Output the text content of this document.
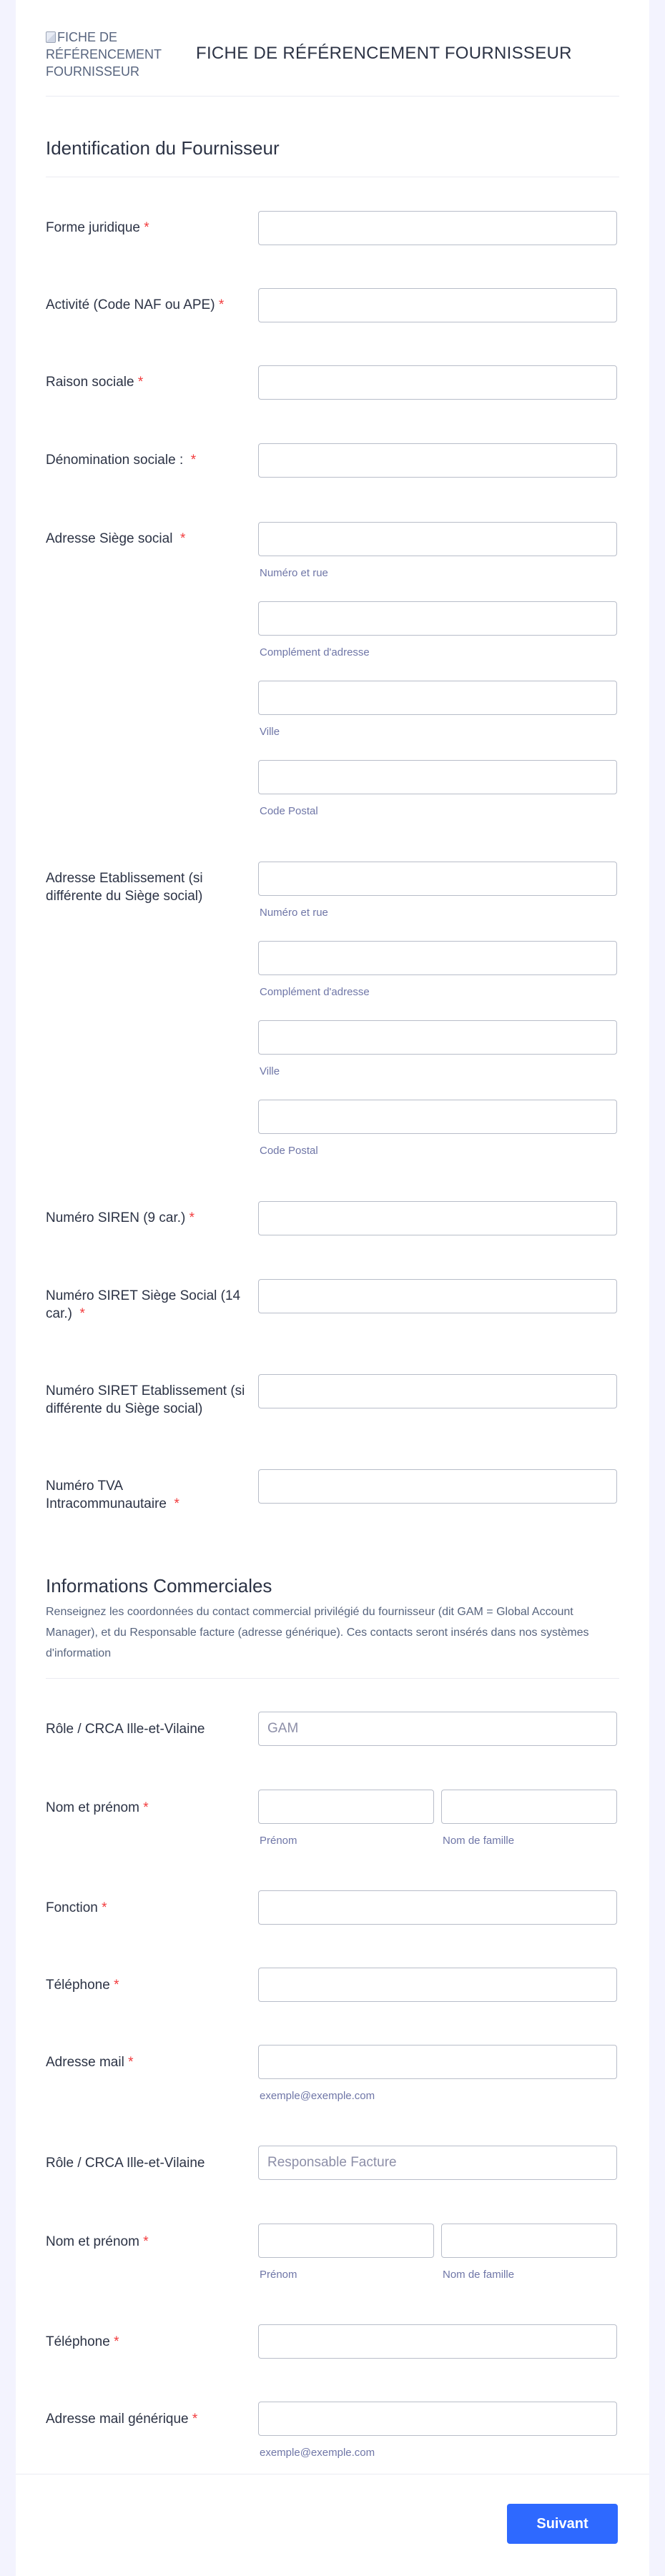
FICHE DE RÉFÉRENCEMENT FOURNISSEUR
FICHE DE RÉFÉRENCEMENT FOURNISSEUR
Identification du Fournisseur
Forme juridique *
Activité (Code NAF ou APE) *
Raison sociale *
Dénomination sociale : *
Adresse Siège social *
Numéro et rue
Complément d'adresse
Ville
Code Postal
Adresse Etablissement (si différente du Siège social)
Numéro et rue
Complément d'adresse
Ville
Code Postal
Numéro SIREN (9 car.) *
Numéro SIRET Siège Social (14 car.) *
Numéro SIRET Etablissement (si différente du Siège social)
Numéro TVA Intracommunautaire *
Informations Commerciales
Renseignez les coordonnées du contact commercial privilégié du fournisseur (dit GAM = Global Account Manager), et du Responsable facture (adresse générique). Ces contacts seront insérés dans nos systèmes d'information
Rôle / CRCA Ille-et-Vilaine
GAM
Nom et prénom *
Prénom	Nom de famille
Fonction *
Téléphone *
Adresse mail *
exemple@exemple.com
Rôle / CRCA Ille-et-Vilaine
Responsable Facture
Nom et prénom *
Prénom	Nom de famille
Téléphone *
Adresse mail générique *
exemple@exemple.com
Suivant
